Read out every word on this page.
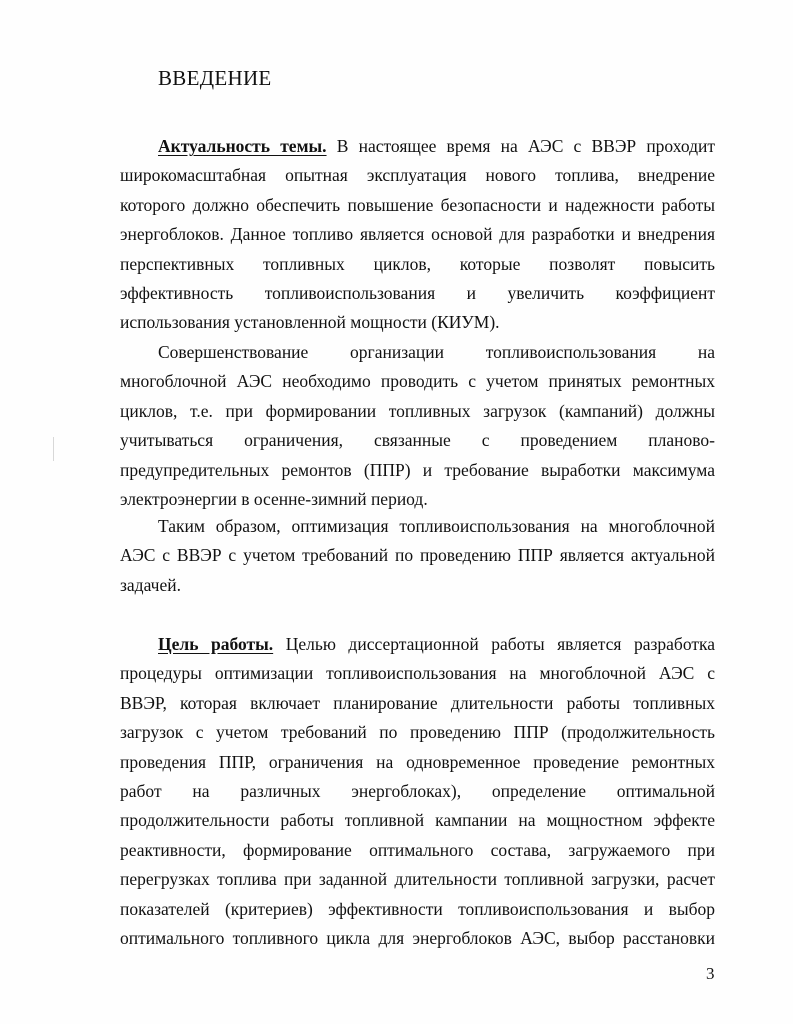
ВВЕДЕНИЕ
Актуальность темы. В настоящее время на АЭС с ВВЭР проходит
широкомасштабная опытная эксплуатация нового топлива, внедрение
которого должно обеспечить повышение безопасности и надежности работы
энергоблоков. Данное топливо является основой для разработки и внедрения
перспективных топливных циклов, которые позволят повысить
эффективность топливоиспользования и увеличить коэффициент
использования установленной мощности (КИУМ).
Совершенствование организации топливоиспользования на
многоблочной АЭС необходимо проводить с учетом принятых ремонтных
циклов, т.е. при формировании топливных загрузок (кампаний) должны
учитываться ограничения, связанные с проведением планово-
предупредительных ремонтов (ППР) и требование выработки максимума
электроэнергии в осенне-зимний период.
Таким образом, оптимизация топливоиспользования на многоблочной
АЭС с ВВЭР с учетом требований по проведению ППР является актуальной
задачей.
Цель работы. Целью диссертационной работы является разработка
процедуры оптимизации топливоиспользования на многоблочной АЭС с
ВВЭР, которая включает планирование длительности работы топливных
загрузок с учетом требований по проведению ППР (продолжительность
проведения ППР, ограничения на одновременное проведение ремонтных
работ на различных энергоблоках), определение оптимальной
продолжительности работы топливной кампании на мощностном эффекте
реактивности, формирование оптимального состава, загружаемого при
перегрузках топлива при заданной длительности топливной загрузки, расчет
показателей (критериев) эффективности топливоиспользования и выбор
оптимального топливного цикла для энергоблоков АЭС, выбор расстановки
3
